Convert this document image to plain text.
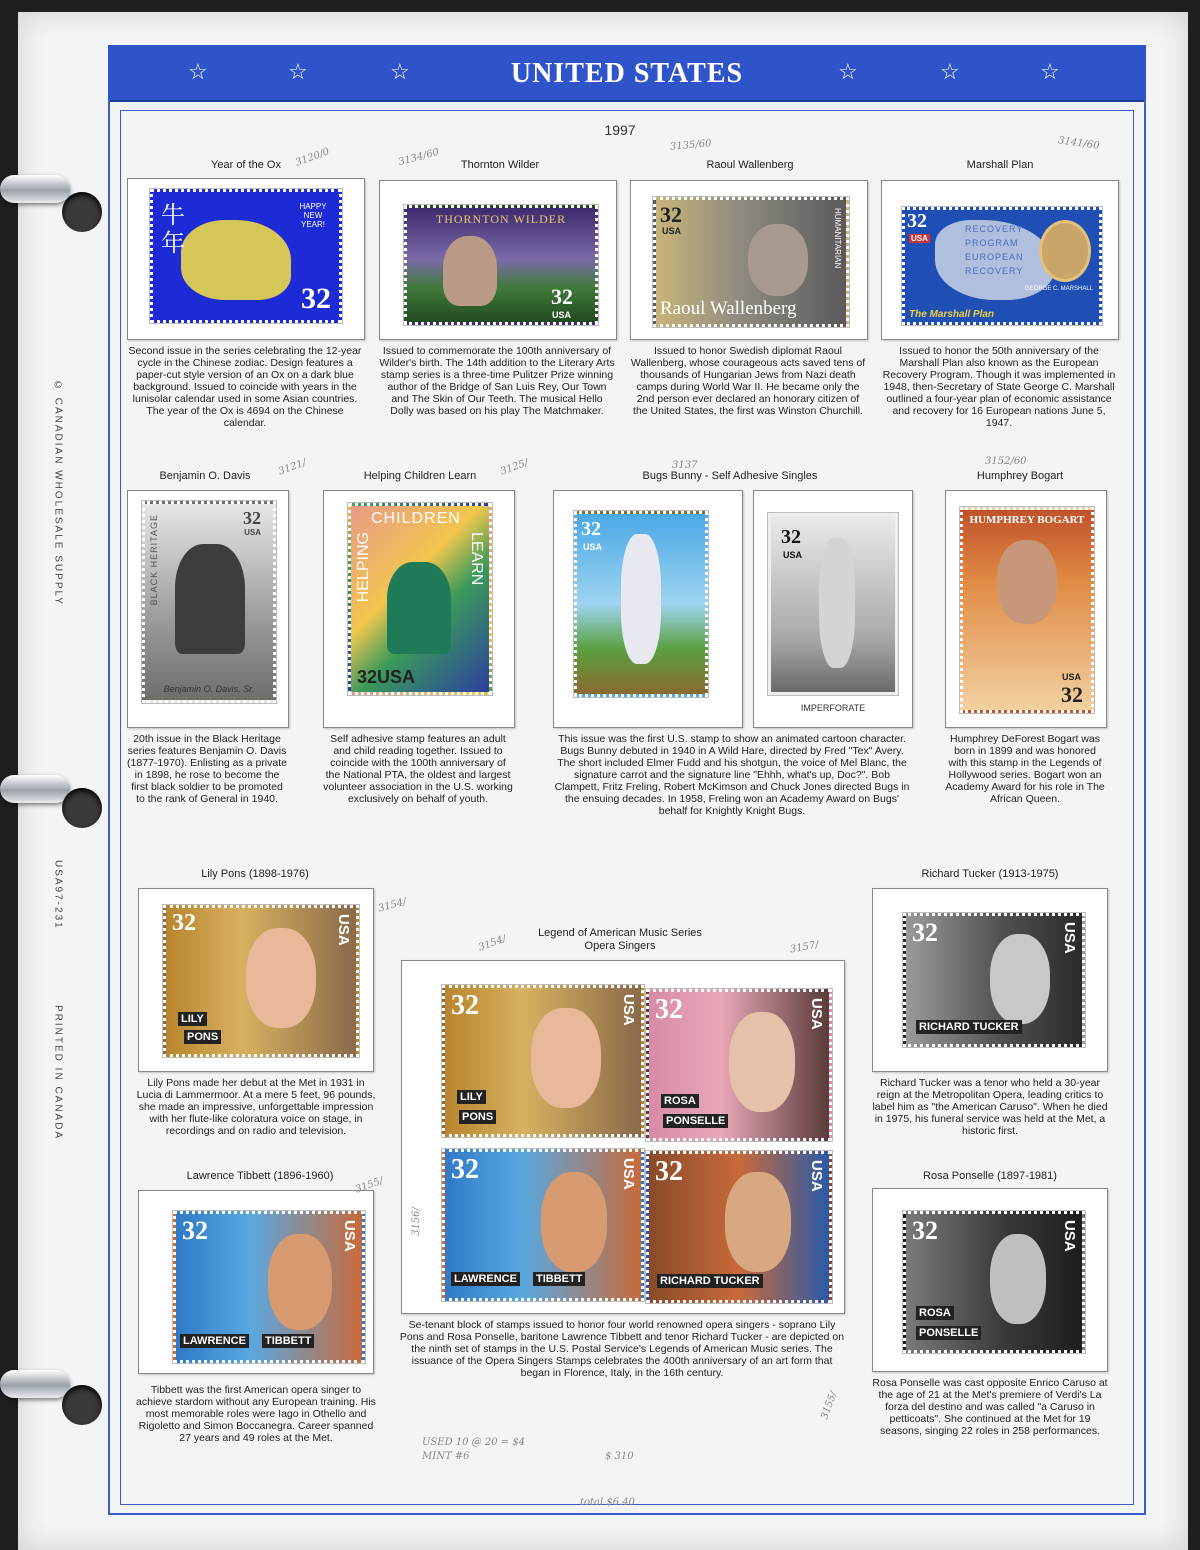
☆	☆	☆	UNITED STATES	☆	☆	☆
1997
© CANADIAN WHOLESALE SUPPLY
USA97-231
PRINTED IN CANADA
Year of the Ox
牛年
HAPPY NEW YEAR!
32
Second issue in the series celebrating the 12-year cycle in the Chinese zodiac. Design features a paper-cut style version of an Ox on a dark blue background. Issued to coincide with years in the lunisolar calendar used in some Asian countries. The year of the Ox is 4694 on the Chinese calendar.
Thornton Wilder
THORNTON WILDER
32
USA
Issued to commemorate the 100th anniversary of Wilder's birth. The 14th addition to the Literary Arts stamp series is a three-time Pulitzer Prize winning author of the Bridge of San Luis Rey, Our Town and The Skin of Our Teeth. The musical Hello Dolly was based on his play The Matchmaker.
Raoul Wallenberg
32
USA	HUMANITARIAN
Raoul Wallenberg
Issued to honor Swedish diplomat Raoul Wallenberg, whose courageous acts saved tens of thousands of Hungarian Jews from Nazi death camps during World War II. He became only the 2nd person ever declared an honorary citizen of the United States, the first was Winston Churchill.
Marshall Plan
RECOVERY PROGRAM EUROPEAN RECOVERY
32
USA
GEORGE C. MARSHALL
The Marshall Plan
Issued to honor the 50th anniversary of the Marshall Plan also known as the European Recovery Program. Though it was implemented in 1948, then-Secretary of State George C. Marshall outlined a four-year plan of economic assistance and recovery for 16 European nations June 5, 1947.
Benjamin O. Davis
BLACK HERITAGE	32
USA
Benjamin O. Davis, Sr.
20th issue in the Black Heritage series features Benjamin O. Davis (1877-1970). Enlisting as a private in 1898, he rose to become the first black soldier to be promoted to the rank of General in 1940.
Helping Children Learn
CHILDREN
HELPING	LEARN
32USA
Self adhesive stamp features an adult and child reading together. Issued to coincide with the 100th anniversary of the National PTA, the oldest and largest volunteer association in the U.S. working exclusively on behalf of youth.
Bugs Bunny - Self Adhesive Singles
32
USA	32
USA
IMPERFORATE
This issue was the first U.S. stamp to show an animated cartoon character. Bugs Bunny debuted in 1940 in A Wild Hare, directed by Fred "Tex" Avery. The short included Elmer Fudd and his shotgun, the voice of Mel Blanc, the signature carrot and the signature line "Ehhh, what's up, Doc?". Bob Clampett, Fritz Freling, Robert McKimson and Chuck Jones directed Bugs in the ensuing decades. In 1958, Freling won an Academy Award on Bugs' behalf for Knightly Knight Bugs.
Humphrey Bogart
HUMPHREY BOGART
USA
32
Humphrey DeForest Bogart was born in 1899 and was honored with this stamp in the Legends of Hollywood series. Bogart won an Academy Award for his role in The African Queen.
Lily Pons (1898-1976)
32	USA
LILY
PONS
Lily Pons made her debut at the Met in 1931 in Lucia di Lammermoor. At a mere 5 feet, 96 pounds, she made an impressive, unforgettable impression with her flute-like coloratura voice on stage, in recordings and on radio and television.
Legend of American Music Series
Opera Singers
32	USA
LILY
PONS
32	USA
ROSA
PONSELLE
32	USA
LAWRENCE TIBBETT
32	USA
RICHARD TUCKER
Se-tenant block of stamps issued to honor four world renowned opera singers - soprano Lily Pons and Rosa Ponselle, baritone Lawrence Tibbett and tenor Richard Tucker - are depicted on the ninth set of stamps in the U.S. Postal Service's Legends of American Music series. The issuance of the Opera Singers Stamps celebrates the 400th anniversary of an art form that began in Florence, Italy, in the 16th century.
Richard Tucker (1913-1975)
32	USA
RICHARD TUCKER
Richard Tucker was a tenor who held a 30-year reign at the Metropolitan Opera, leading critics to label him as "the American Caruso". When he died in 1975, his funeral service was held at the Met, a historic first.
Lawrence Tibbett (1896-1960)
32	USA
LAWRENCE TIBBETT
Tibbett was the first American opera singer to achieve stardom without any European training. His most memorable roles were Iago in Othello and Rigoletto and Simon Boccanegra. Career spanned 27 years and 49 roles at the Met.
Rosa Ponselle (1897-1981)
32	USA
ROSA
PONSELLE
Rosa Ponselle was cast opposite Enrico Caruso at the age of 21 at the Met's premiere of Verdi's La forza del destino and was called "a Caruso in petticoats". She continued at the Met for 19 seasons, singing 22 roles in 258 performances.
3120/0	3134/60
3135/60	3141/60
3121/	3125/	3137	3152/60
3154/
3154/	3157/
3155/
3156/
3155/
USED 10 @ 20 = $4
MINT #6	$ 310
total $6.40
